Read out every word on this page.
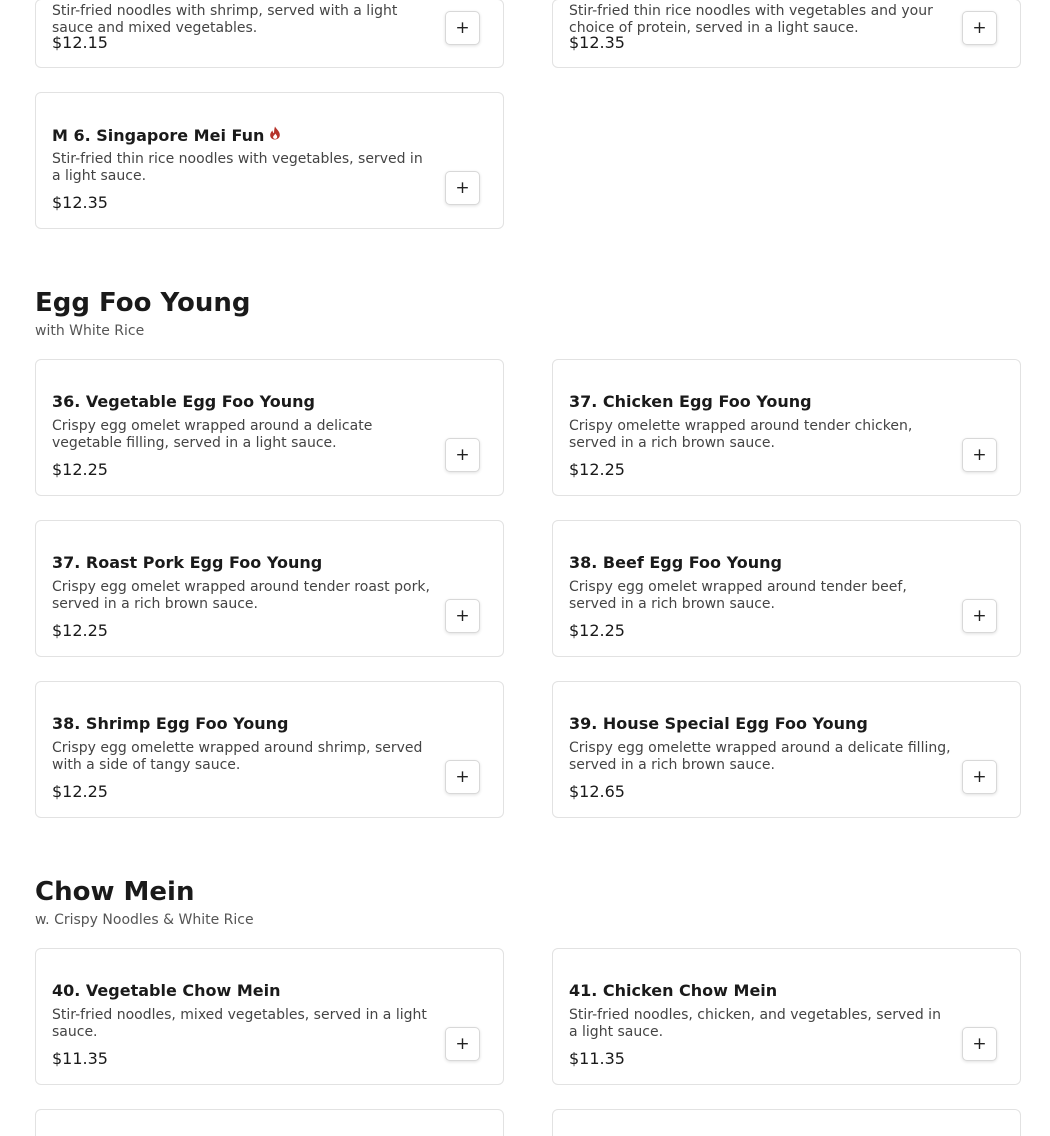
Stir-fried noodles with shrimp, served with a light sauce and mixed vegetables.
$12.15
+
Stir-fried thin rice noodles with vegetables and your choice of protein, served in a light sauce.
$12.35
+
M 6. Singapore Mei Fun
Stir-fried thin rice noodles with vegetables, served in a light sauce.
$12.35
+
Egg Foo Young
with White Rice
36. Vegetable Egg Foo Young
Crispy egg omelet wrapped around a delicate vegetable filling, served in a light sauce.
$12.25
+
37. Chicken Egg Foo Young
Crispy omelette wrapped around tender chicken, served in a rich brown sauce.
$12.25
+
37. Roast Pork Egg Foo Young
Crispy egg omelet wrapped around tender roast pork, served in a rich brown sauce.
$12.25
+
38. Beef Egg Foo Young
Crispy egg omelet wrapped around tender beef, served in a rich brown sauce.
$12.25
+
38. Shrimp Egg Foo Young
Crispy egg omelette wrapped around shrimp, served with a side of tangy sauce.
$12.25
+
39. House Special Egg Foo Young
Crispy egg omelette wrapped around a delicate filling, served in a rich brown sauce.
$12.65
+
Chow Mein
w. Crispy Noodles & White Rice
40. Vegetable Chow Mein
Stir-fried noodles, mixed vegetables, served in a light sauce.
$11.35
+
41. Chicken Chow Mein
Stir-fried noodles, chicken, and vegetables, served in a light sauce.
$11.35
+
